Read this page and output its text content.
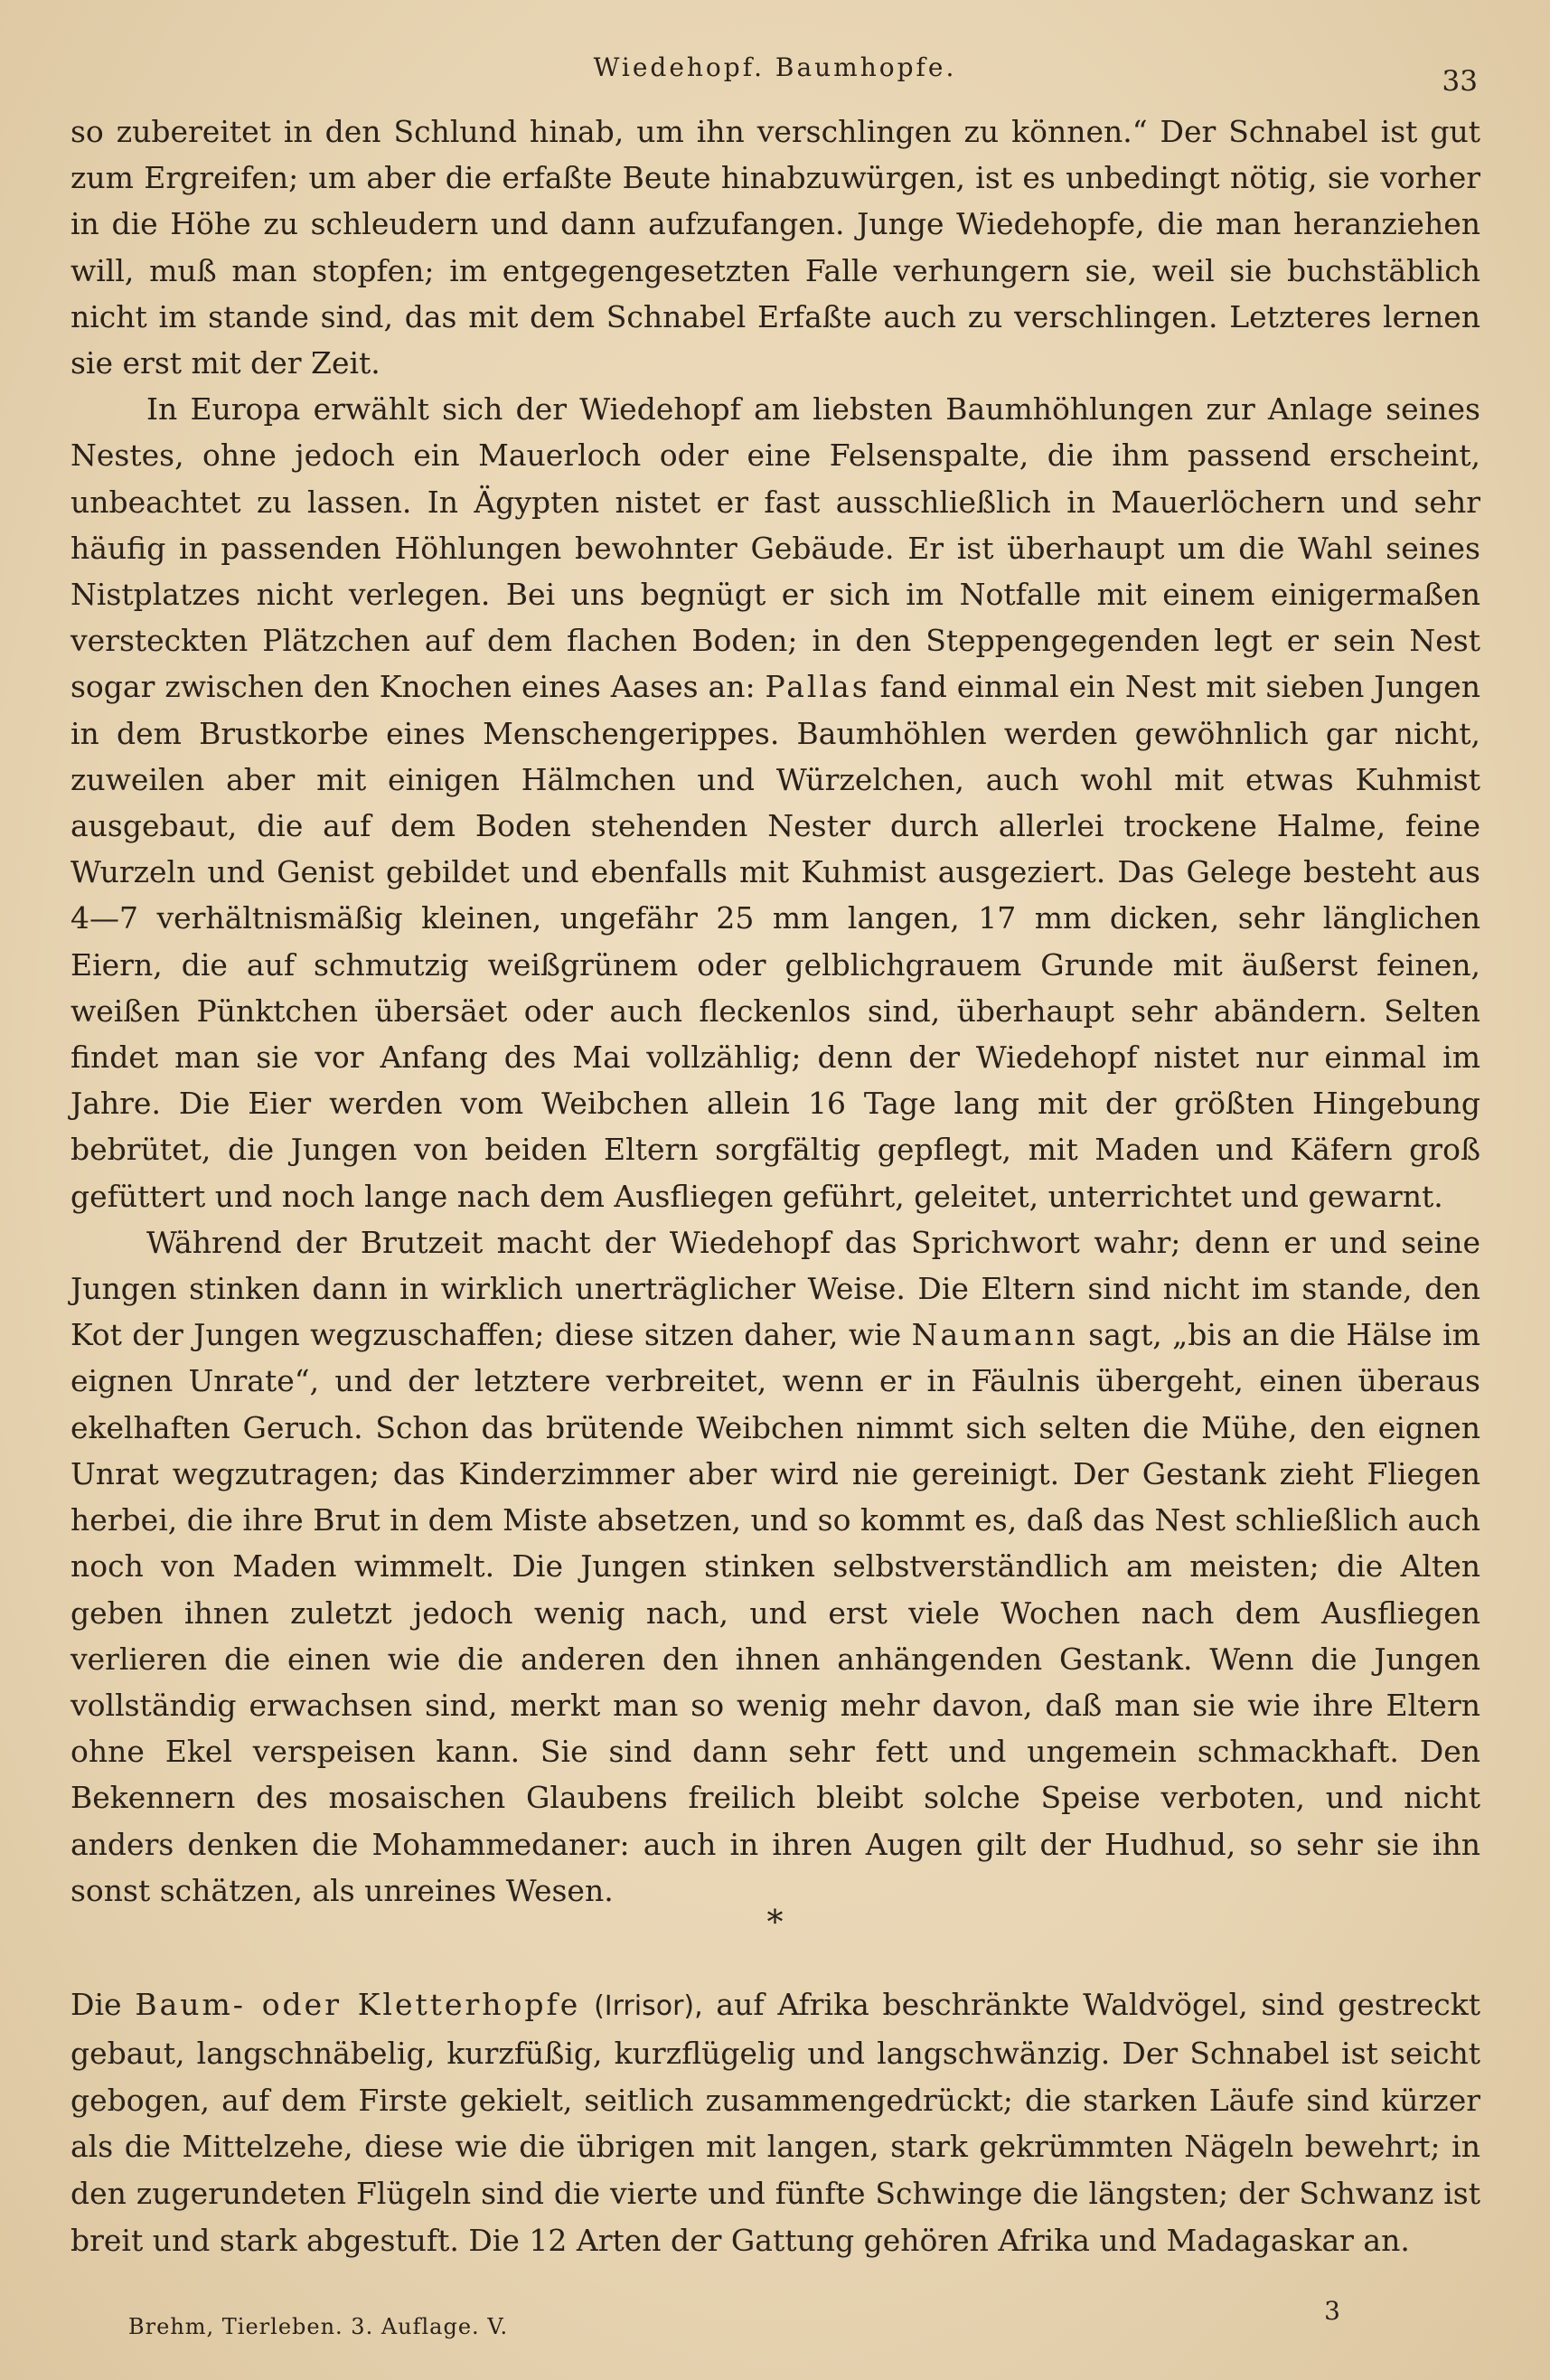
Wiedehopf. Baumhopfe.	33

so zubereitet in den Schlund hinab, um ihn verschlingen zu können.“ Der Schnabel ist gut zum Ergreifen; um aber die erfaßte Beute hinabzuwürgen, ist es unbedingt nötig, sie vorher in die Höhe zu schleudern und dann aufzufangen. Junge Wiedehopfe, die man heranziehen will, muß man stopfen; im entgegengesetzten Falle verhungern sie, weil sie buchstäblich nicht im stande sind, das mit dem Schnabel Erfaßte auch zu verschlingen. Letzteres lernen sie erst mit der Zeit.

In Europa erwählt sich der Wiedehopf am liebsten Baumhöhlungen zur Anlage seines Nestes, ohne jedoch ein Mauerloch oder eine Felsenspalte, die ihm passend erscheint, unbeachtet zu lassen. In Ägypten nistet er fast ausschließlich in Mauerlöchern und sehr häufig in passenden Höhlungen bewohnter Gebäude. Er ist überhaupt um die Wahl seines Nistplatzes nicht verlegen. Bei uns begnügt er sich im Notfalle mit einem einigermaßen versteckten Plätzchen auf dem flachen Boden; in den Steppengegenden legt er sein Nest sogar zwischen den Knochen eines Aases an: Pallas fand einmal ein Nest mit sieben Jungen in dem Brustkorbe eines Menschengerippes. Baumhöhlen werden gewöhnlich gar nicht, zuweilen aber mit einigen Hälmchen und Würzelchen, auch wohl mit etwas Kuhmist ausgebaut, die auf dem Boden stehenden Nester durch allerlei trockene Halme, feine Wurzeln und Genist gebildet und ebenfalls mit Kuhmist ausgeziert. Das Gelege besteht aus 4—7 verhältnismäßig kleinen, ungefähr 25 mm langen, 17 mm dicken, sehr länglichen Eiern, die auf schmutzig weißgrünem oder gelblichgrauem Grunde mit äußerst feinen, weißen Pünktchen übersäet oder auch fleckenlos sind, überhaupt sehr abändern. Selten findet man sie vor Anfang des Mai vollzählig; denn der Wiedehopf nistet nur einmal im Jahre. Die Eier werden vom Weibchen allein 16 Tage lang mit der größten Hingebung bebrütet, die Jungen von beiden Eltern sorgfältig gepflegt, mit Maden und Käfern groß gefüttert und noch lange nach dem Ausfliegen geführt, geleitet, unterrichtet und gewarnt.

Während der Brutzeit macht der Wiedehopf das Sprichwort wahr; denn er und seine Jungen stinken dann in wirklich unerträglicher Weise. Die Eltern sind nicht im stande, den Kot der Jungen wegzuschaffen; diese sitzen daher, wie Naumann sagt, „bis an die Hälse im eignen Unrate“, und der letztere verbreitet, wenn er in Fäulnis übergeht, einen überaus ekelhaften Geruch. Schon das brütende Weibchen nimmt sich selten die Mühe, den eignen Unrat wegzutragen; das Kinderzimmer aber wird nie gereinigt. Der Gestank zieht Fliegen herbei, die ihre Brut in dem Miste absetzen, und so kommt es, daß das Nest schließlich auch noch von Maden wimmelt. Die Jungen stinken selbstverständlich am meisten; die Alten geben ihnen zuletzt jedoch wenig nach, und erst viele Wochen nach dem Ausfliegen verlieren die einen wie die anderen den ihnen anhängenden Gestank. Wenn die Jungen vollständig erwachsen sind, merkt man so wenig mehr davon, daß man sie wie ihre Eltern ohne Ekel verspeisen kann. Sie sind dann sehr fett und ungemein schmackhaft. Den Bekennern des mosaischen Glaubens freilich bleibt solche Speise verboten, und nicht anders denken die Mohammedaner: auch in ihren Augen gilt der Hudhud, so sehr sie ihn sonst schätzen, als unreines Wesen.

*

Die Baum- oder Kletterhopfe (Irrisor), auf Afrika beschränkte Waldvögel, sind gestreckt gebaut, langschnäbelig, kurzfüßig, kurzflügelig und langschwänzig. Der Schnabel ist seicht gebogen, auf dem Firste gekielt, seitlich zusammengedrückt; die starken Läufe sind kürzer als die Mittelzehe, diese wie die übrigen mit langen, stark gekrümmten Nägeln bewehrt; in den zugerundeten Flügeln sind die vierte und fünfte Schwinge die längsten; der Schwanz ist breit und stark abgestuft. Die 12 Arten der Gattung gehören Afrika und Madagaskar an.

Brehm, Tierleben. 3. Auflage. V.
3
